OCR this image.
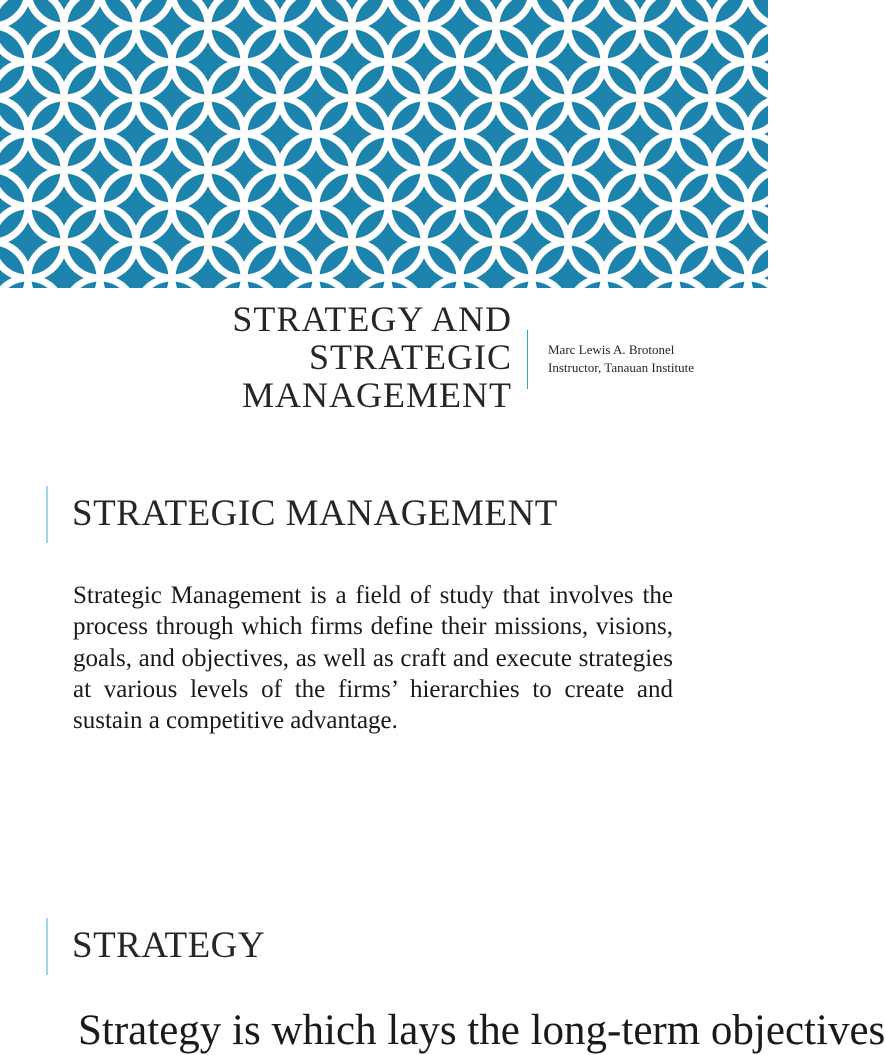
STRATEGY AND
STRATEGIC
MANAGEMENT
Marc Lewis A. Brotonel
Instructor, Tanauan Institute
STRATEGIC MANAGEMENT
Strategic Management is a field of study that involves the process through which firms define their missions, visions, goals, and objectives, as well as craft and execute strategies at various levels of the firms’ hierarchies to create and sustain a competitive advantage.
STRATEGY
Strategy is which lays the long-term objectives
